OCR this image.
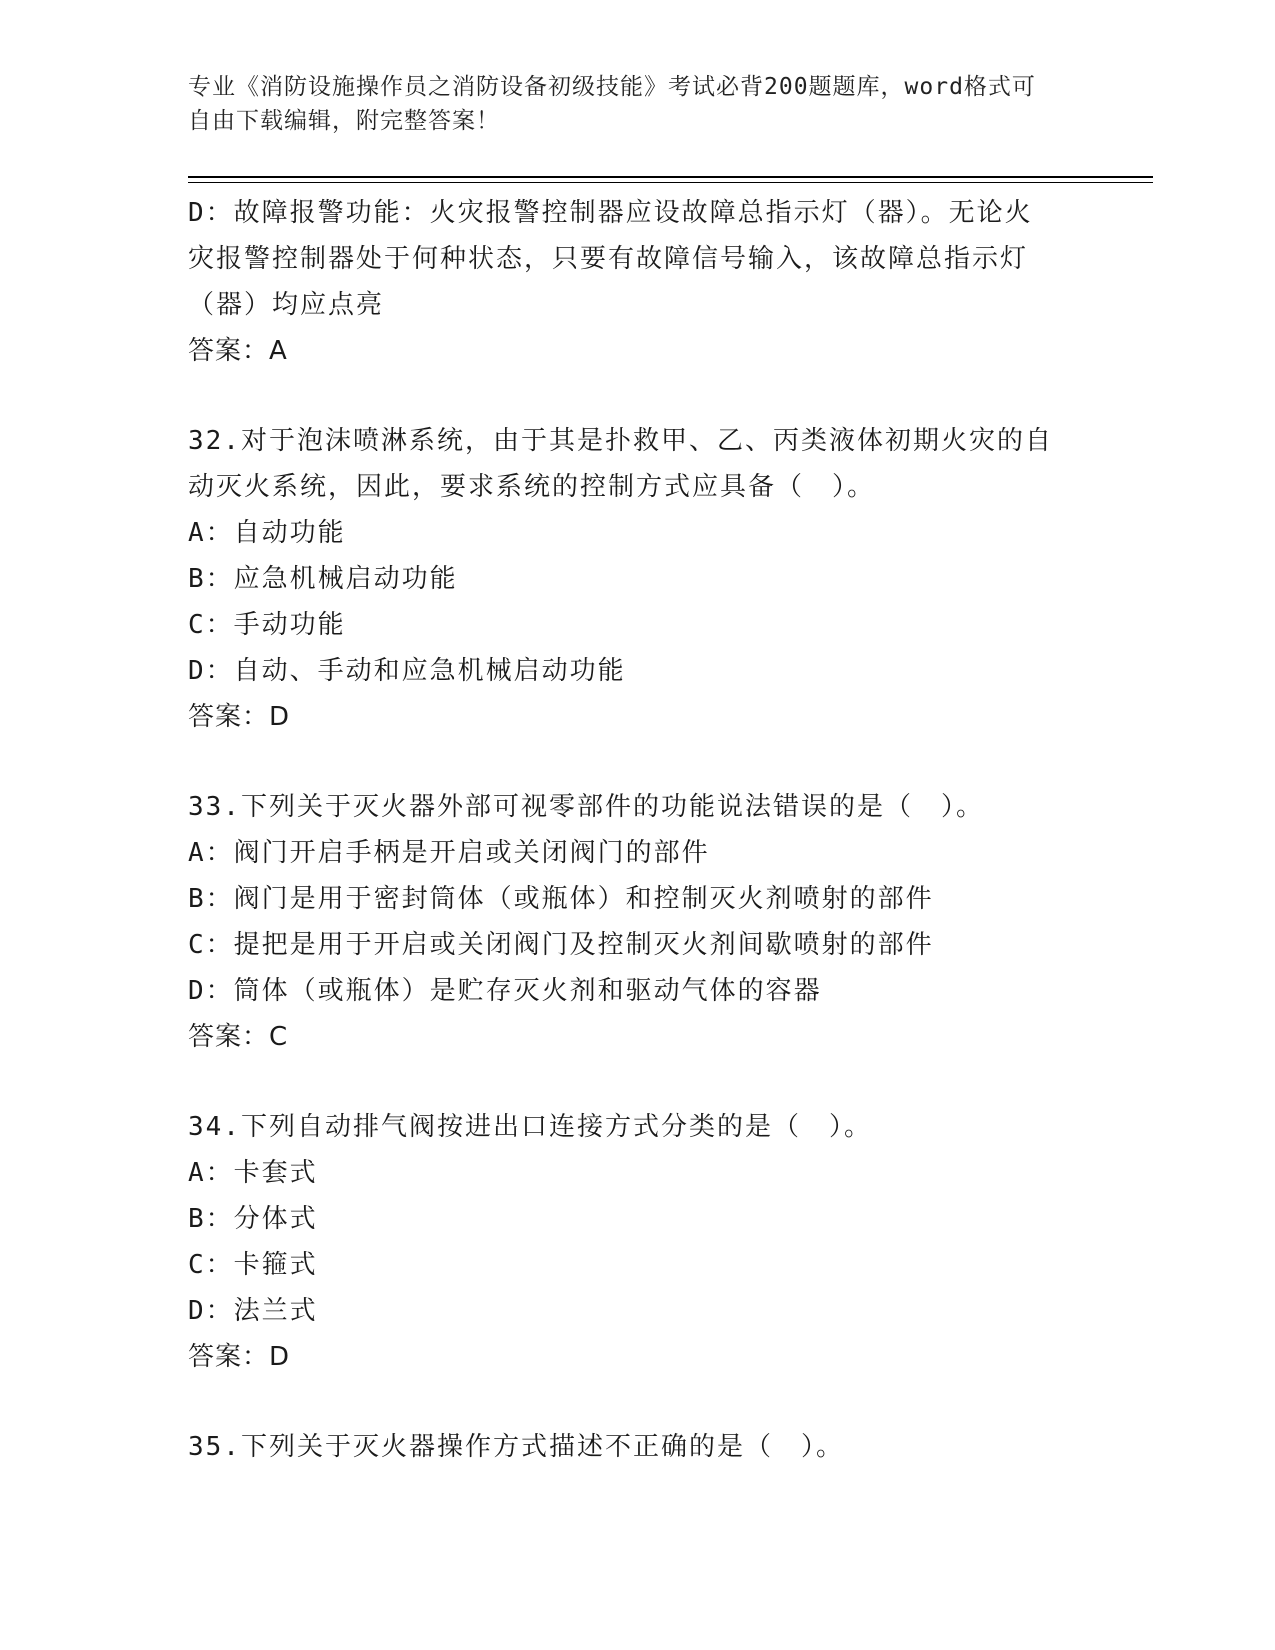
专业《消防设施操作员之消防设备初级技能》考试必背200题题库，word格式可
自由下载编辑，附完整答案！
D：故障报警功能：火灾报警控制器应设故障总指示灯（器）。无论火
灾报警控制器处于何种状态，只要有故障信号输入，该故障总指示灯
（器）均应点亮
答案：A
32.对于泡沫喷淋系统，由于其是扑救甲、乙、丙类液体初期火灾的自
动灭火系统，因此，要求系统的控制方式应具备（　）。
A：自动功能
B：应急机械启动功能
C：手动功能
D：自动、手动和应急机械启动功能
答案：D
33.下列关于灭火器外部可视零部件的功能说法错误的是（　）。
A：阀门开启手柄是开启或关闭阀门的部件
B：阀门是用于密封筒体（或瓶体）和控制灭火剂喷射的部件
C：提把是用于开启或关闭阀门及控制灭火剂间歇喷射的部件
D：筒体（或瓶体）是贮存灭火剂和驱动气体的容器
答案：C
34.下列自动排气阀按进出口连接方式分类的是（　）。
A：卡套式
B：分体式
C：卡箍式
D：法兰式
答案：D
35.下列关于灭火器操作方式描述不正确的是（　）。
